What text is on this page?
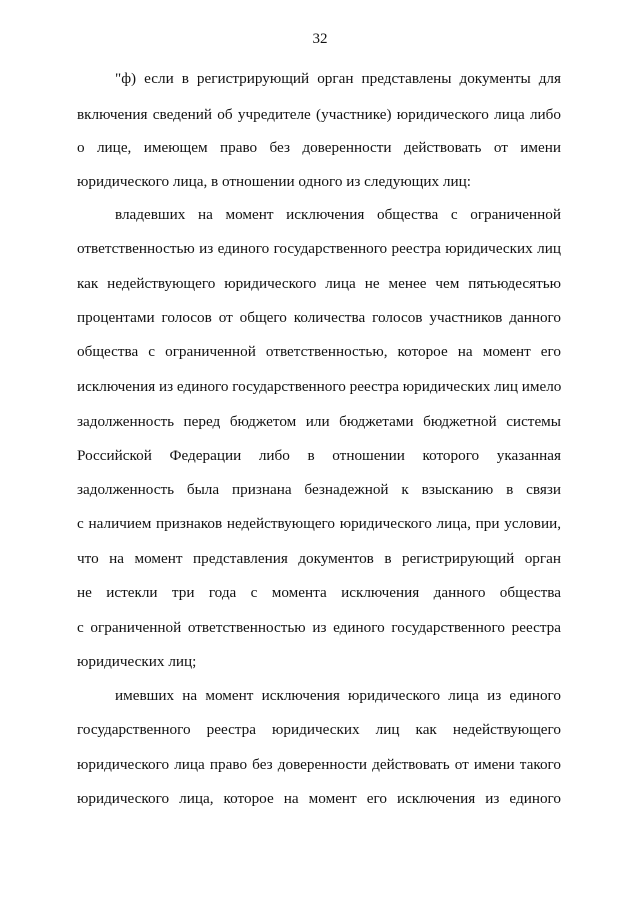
32
"ф) если в регистрирующий орган представлены документы для
включения сведений об учредителе (участнике) юридического лица либо
о лице, имеющем право без доверенности действовать от имени
юридического лица, в отношении одного из следующих лиц:
владевших на момент исключения общества с ограниченной
ответственностью из единого государственного реестра юридических лиц
как недействующего юридического лица не менее чем пятьюдесятью
процентами голосов от общего количества голосов участников данного
общества с ограниченной ответственностью, которое на момент его
исключения из единого государственного реестра юридических лиц имело
задолженность перед бюджетом или бюджетами бюджетной системы
Российской Федерации либо в отношении которого указанная
задолженность была признана безнадежной к взысканию в связи
с наличием признаков недействующего юридического лица, при условии,
что на момент представления документов в регистрирующий орган
не истекли три года с момента исключения данного общества
с ограниченной ответственностью из единого государственного реестра
юридических лиц;
имевших на момент исключения юридического лица из единого
государственного реестра юридических лиц как недействующего
юридического лица право без доверенности действовать от имени такого
юридического лица, которое на момент его исключения из единого
